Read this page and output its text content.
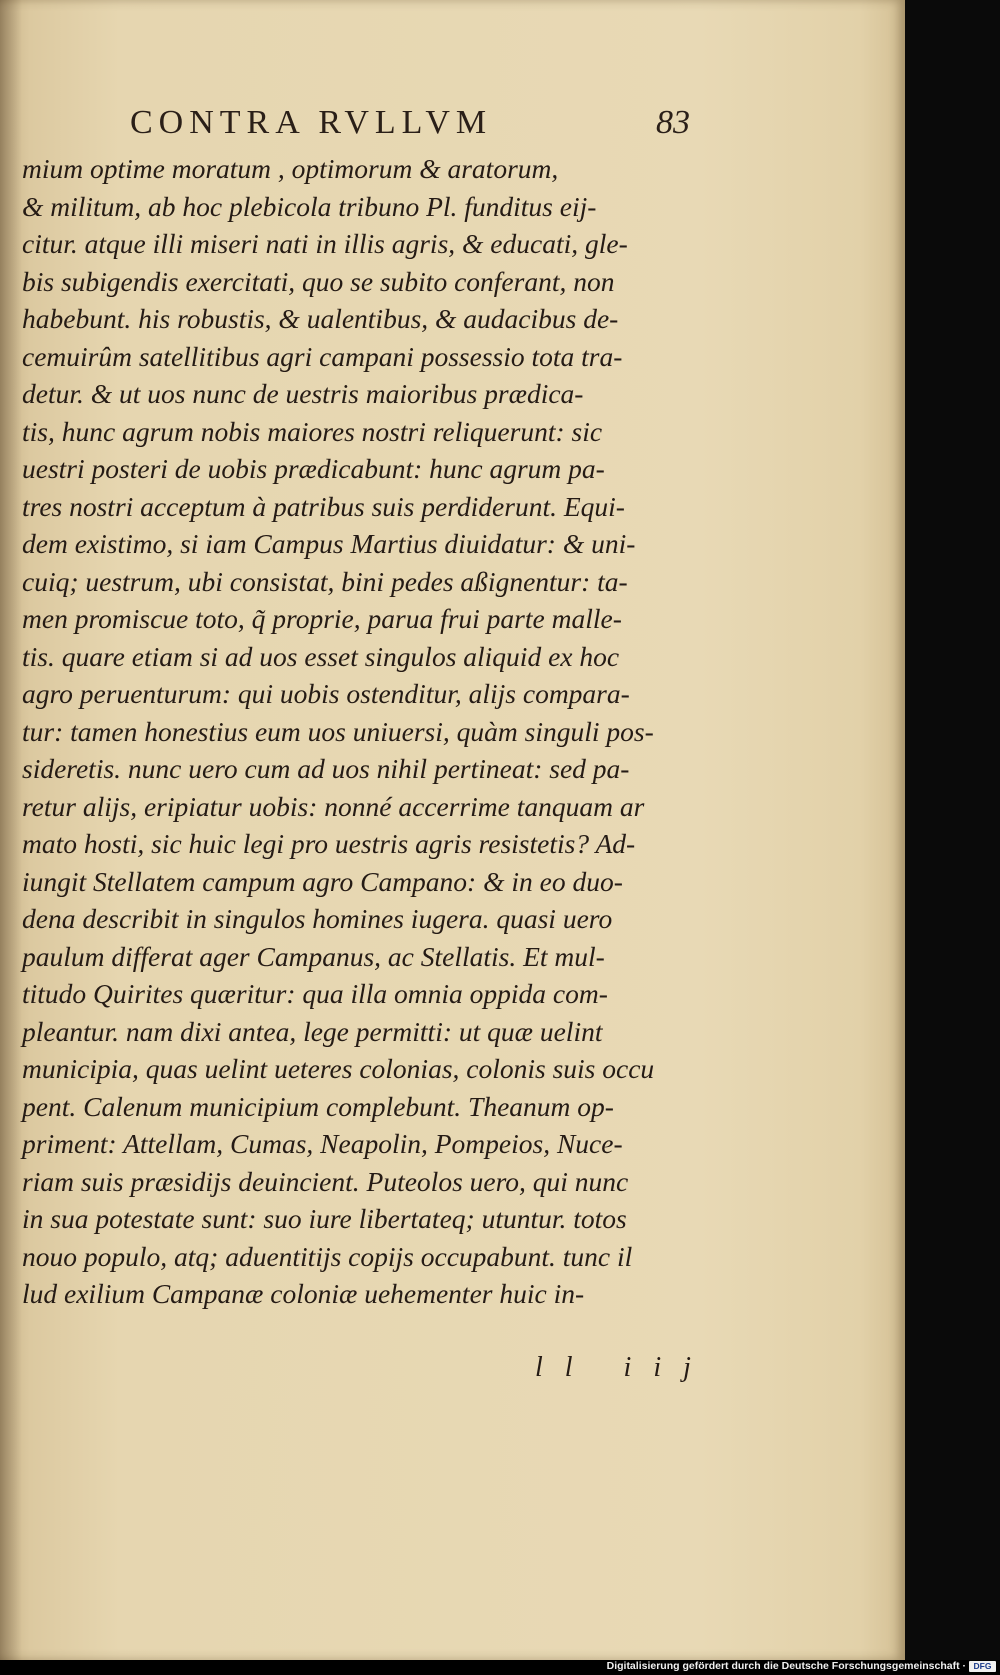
CONTRA RVLLVM	83
mium optime moratum , optimorum & aratorum,
& militum, ab hoc plebicola tribuno Pl. funditus eij-
citur. atque illi miseri nati in illis agris, & educati, gle-
bis subigendis exercitati, quo se subito conferant, non
habebunt. his robustis, & ualentibus, & audacibus de-
cemuirûm satellitibus agri campani possessio tota tra-
detur. & ut uos nunc de uestris maioribus prædica-
tis, hunc agrum nobis maiores nostri reliquerunt: sic
uestri posteri de uobis prædicabunt: hunc agrum pa-
tres nostri acceptum à patribus suis perdiderunt. Equi-
dem existimo, si iam Campus Martius diuidatur: & uni-
cuiq; uestrum, ubi consistat, bini pedes aßignentur: ta-
men promiscue toto, q̃ proprie, parua frui parte malle-
tis. quare etiam si ad uos esset singulos aliquid ex hoc
agro peruenturum: qui uobis ostenditur, alijs compara-
tur: tamen honestius eum uos uniuersi, quàm singuli pos-
sideretis. nunc uero cum ad uos nihil pertineat: sed pa-
retur alijs, eripiatur uobis: nonné accerrime tanquam ar
mato hosti, sic huic legi pro uestris agris resistetis? Ad-
iungit Stellatem campum agro Campano: & in eo duo-
dena describit in singulos homines iugera. quasi uero
paulum differat ager Campanus, ac Stellatis. Et mul-
titudo Quirites quæritur: qua illa omnia oppida com-
pleantur. nam dixi antea, lege permitti: ut quæ uelint
municipia, quas uelint ueteres colonias, colonis suis occu
pent. Calenum municipium complebunt. Theanum op-
priment: Attellam, Cumas, Neapolin, Pompeios, Nuce-
riam suis præsidijs deuincient. Puteolos uero, qui nunc
in sua potestate sunt: suo iure libertateq; utuntur. totos
nouo populo, atq; aduentitijs copijs occupabunt. tunc il
lud exilium Campanæ coloniæ uehementer huic in-
ll iij
Digitalisierung gefördert durch die Deutsche Forschungsgemeinschaft · DFG
